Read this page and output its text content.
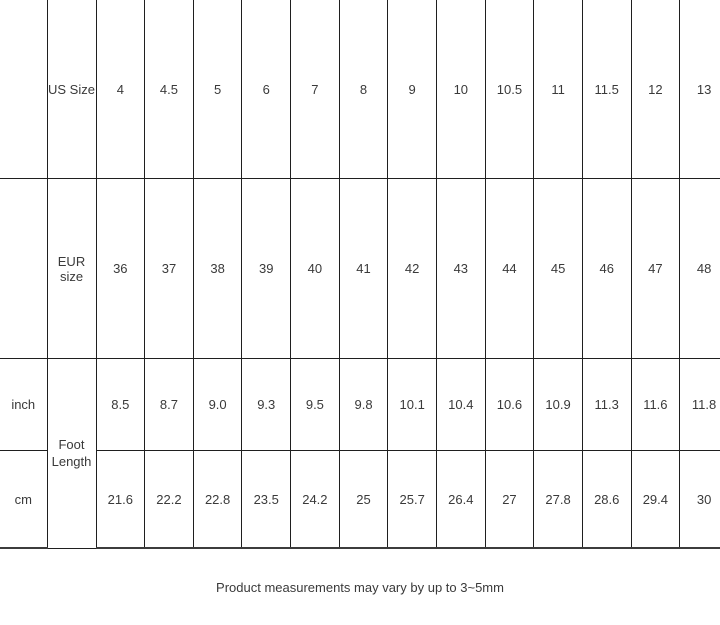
	US Size	4	4.5	5	6	7	8	9	10	10.5	11	11.5	12	13
	EUR size	36	37	38	39	40	41	42	43	44	45	46	47	48
inch	Foot Length	8.5	8.7	9.0	9.3	9.5	9.8	10.1	10.4	10.6	10.9	11.3	11.6	11.8
cm		21.6	22.2	22.8	23.5	24.2	25	25.7	26.4	27	27.8	28.6	29.4	30
Product measurements may vary by up to 3~5mm
